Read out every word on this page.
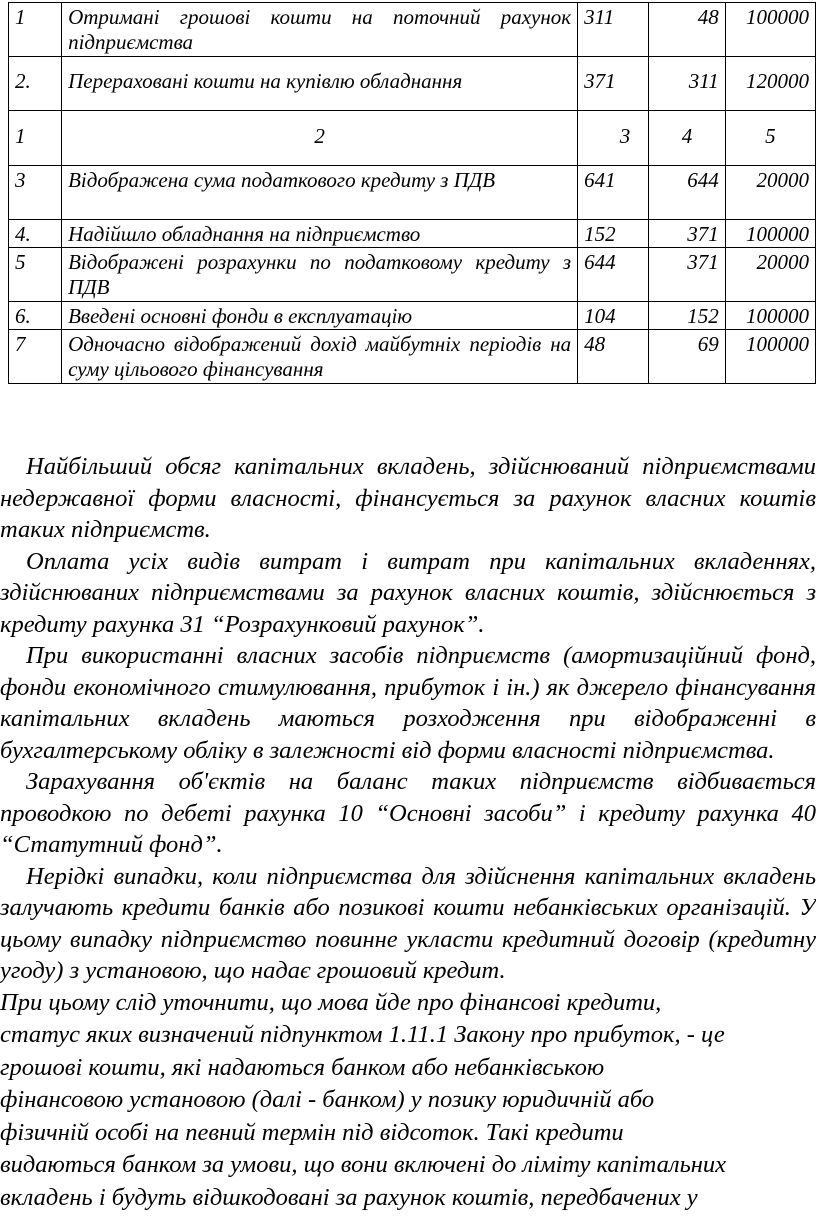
1	Отримані грошові кошти на поточний рахунок підприємства	311	48	100000
2.	Перераховані кошти на купівлю обладнання	371	311	120000
1	2	3	4	5
3	Відображена сума податкового кредиту з ПДВ	641	644	20000
4.	Надійшло обладнання на підприємство	152	371	100000
5	Відображені розрахунки по податковому кредиту з ПДВ	644	371	20000
6.	Введені основні фонди в експлуатацію	104	152	100000
7	Одночасно відображений дохід майбутніх періодів на суму цільового фінансування	48	69	100000

Найбільший обсяг капітальних вкладень, здійснюваний підприємствами недержавної форми власності, фінансується за рахунок власних коштів таких підприємств.

Оплата усіх видів витрат і витрат при капітальних вкладеннях, здійснюваних підприємствами за рахунок власних коштів, здійснюється з кредиту рахунка 31 “Розрахунковий рахунок”.

При використанні власних засобів підприємств (амортизаційний фонд, фонди економічного стимулювання, прибуток і ін.) як джерело фінансування капітальних вкладень маються розходження при відображенні в бухгалтерському обліку в залежності від форми власності підприємства.

Зарахування об'єктів на баланс таких підприємств відбивається проводкою по дебеті рахунка 10 “Основні засоби” і кредиту рахунка 40 “Статутний фонд”.

Нерідкі випадки, коли підприємства для здійснення капітальних вкладень залучають кредити банків або позикові кошти небанківських організацій. У цьому випадку підприємство повинне укласти кредитний договір (кредитну угоду) з установою, що надає грошовий кредит.

При цьому слід уточнити, що мова йде про фінансові кредити,

статус яких визначений підпунктом 1.11.1 Закону про прибуток, - це

грошові кошти, які надаються банком або небанківською

фінансовою установою (далі - банком) у позику юридичній або

фізичній особі на певний термін під відсоток. Такі кредити

видаються банком за умови, що вони включені до ліміту капітальних

вкладень і будуть відшкодовані за рахунок коштів, передбачених у
